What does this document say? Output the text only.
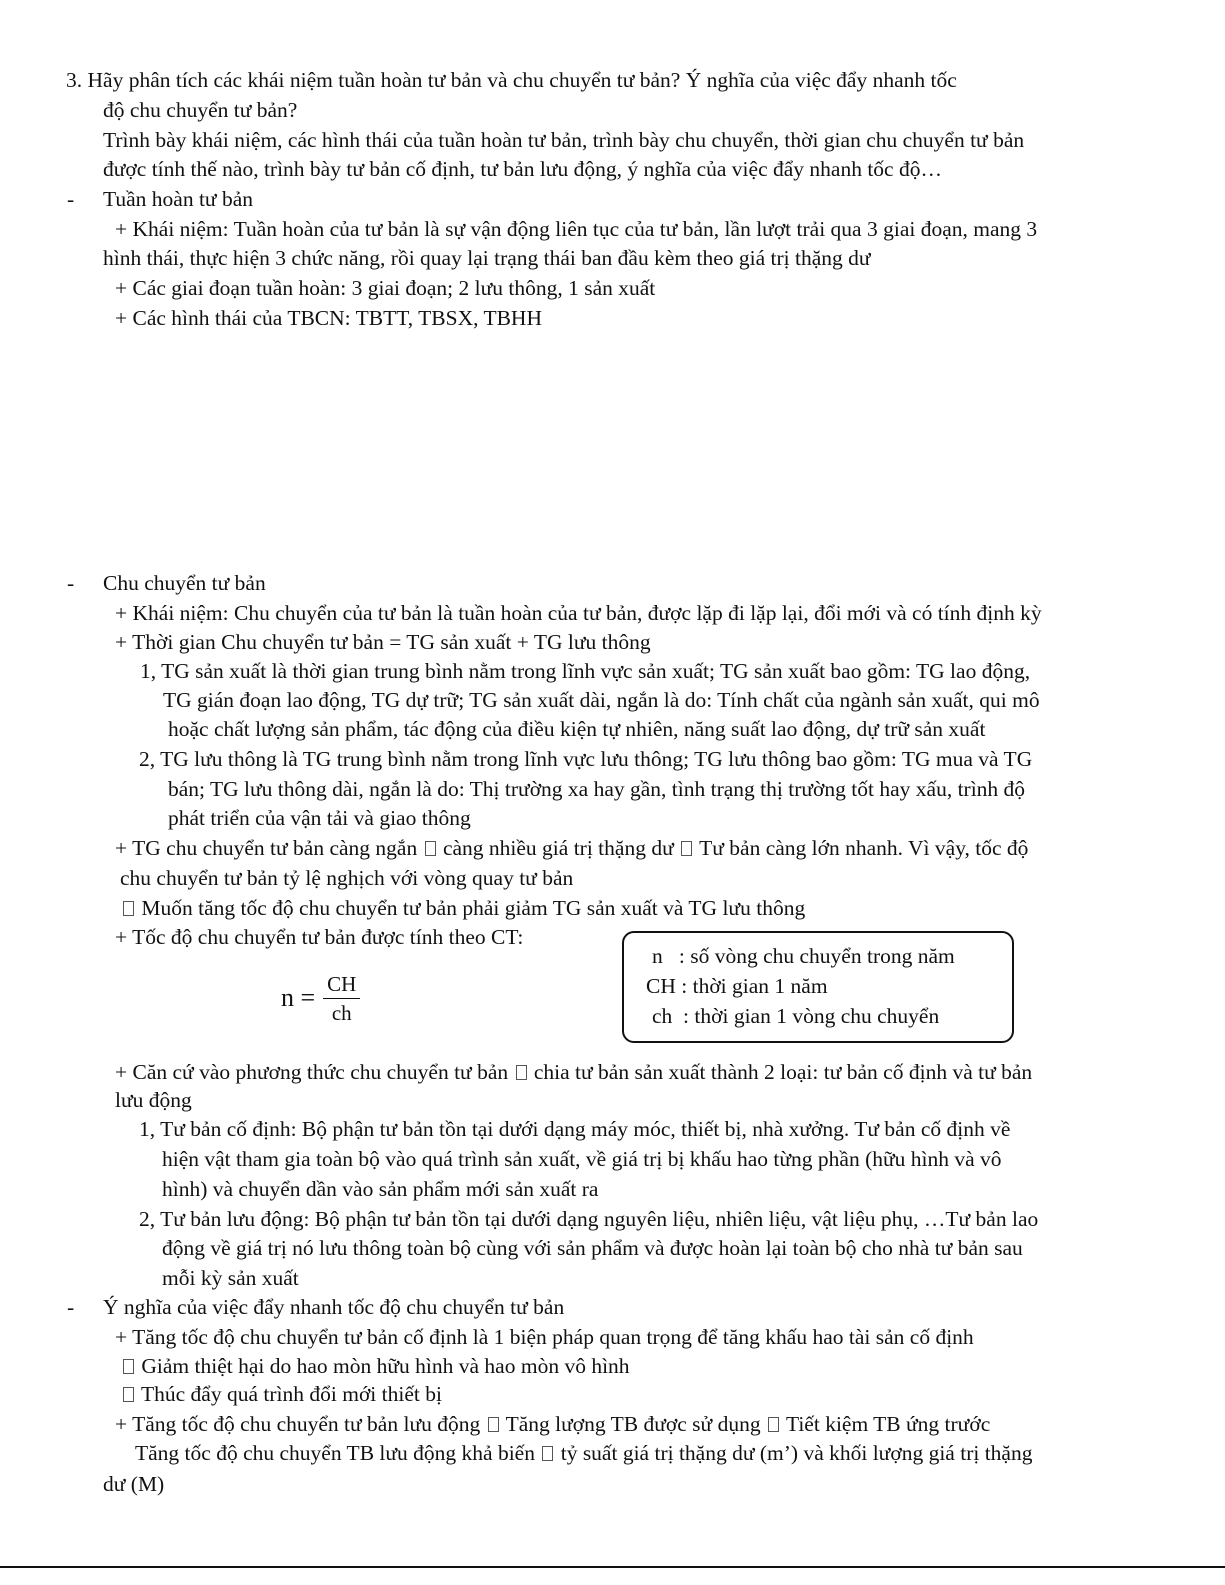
3. Hãy phân tích các khái niệm tuần hoàn tư bản và chu chuyển tư bản? Ý nghĩa của việc đẩy nhanh tốc
độ chu chuyển tư bản?
Trình bày khái niệm, các hình thái của tuần hoàn tư bản, trình bày chu chuyển, thời gian chu chuyển tư bản
được tính thế nào, trình bày tư bản cố định, tư bản lưu động, ý nghĩa của việc đẩy nhanh tốc độ…
- Tuần hoàn tư bản
+ Khái niệm: Tuần hoàn của tư bản là sự vận động liên tục của tư bản, lần lượt trải qua 3 giai đoạn, mang 3
hình thái, thực hiện 3 chức năng, rồi quay lại trạng thái ban đầu kèm theo giá trị thặng dư
+ Các giai đoạn tuần hoàn: 3 giai đoạn; 2 lưu thông, 1 sản xuất
+ Các hình thái của TBCN: TBTT, TBSX, TBHH
- Chu chuyển tư bản
+ Khái niệm: Chu chuyển của tư bản là tuần hoàn của tư bản, được lặp đi lặp lại, đổi mới và có tính định kỳ
+ Thời gian Chu chuyển tư bản = TG sản xuất + TG lưu thông
1, TG sản xuất là thời gian trung bình nằm trong lĩnh vực sản xuất; TG sản xuất bao gồm: TG lao động,
TG gián đoạn lao động, TG dự trữ; TG sản xuất dài, ngắn là do: Tính chất của ngành sản xuất, qui mô
hoặc chất lượng sản phẩm, tác động của điều kiện tự nhiên, năng suất lao động, dự trữ sản xuất
2, TG lưu thông là TG trung bình nằm trong lĩnh vực lưu thông; TG lưu thông bao gồm: TG mua và TG
bán; TG lưu thông dài, ngắn là do: Thị trường xa hay gần, tình trạng thị trường tốt hay xấu, trình độ
phát triển của vận tải và giao thông
+ TG chu chuyển tư bản càng ngắn càng nhiều giá trị thặng dư Tư bản càng lớn nhanh. Vì vậy, tốc độ
chu chuyển tư bản tỷ lệ nghịch với vòng quay tư bản
Muốn tăng tốc độ chu chuyển tư bản phải giảm TG sản xuất và TG lưu thông
+ Tốc độ chu chuyển tư bản được tính theo CT:
$n = \frac{CH}{ch}$
n   : số vòng chu chuyển trong năm
CH : thời gian 1 năm
ch  : thời gian 1 vòng chu chuyển
+ Căn cứ vào phương thức chu chuyển tư bản chia tư bản sản xuất thành 2 loại: tư bản cố định và tư bản
lưu động
1, Tư bản cố định: Bộ phận tư bản tồn tại dưới dạng máy móc, thiết bị, nhà xưởng. Tư bản cố định về
hiện vật tham gia toàn bộ vào quá trình sản xuất, về giá trị bị khấu hao từng phần (hữu hình và vô
hình) và chuyển dần vào sản phẩm mới sản xuất ra
2, Tư bản lưu động: Bộ phận tư bản tồn tại dưới dạng nguyên liệu, nhiên liệu, vật liệu phụ, …Tư bản lao
động về giá trị nó lưu thông toàn bộ cùng với sản phẩm và được hoàn lại toàn bộ cho nhà tư bản sau
mỗi kỳ sản xuất
- Ý nghĩa của việc đẩy nhanh tốc độ chu chuyển tư bản
+ Tăng tốc độ chu chuyển tư bản cố định là 1 biện pháp quan trọng để tăng khấu hao tài sản cố định
Giảm thiệt hại do hao mòn hữu hình và hao mòn vô hình
Thúc đẩy quá trình đổi mới thiết bị
+ Tăng tốc độ chu chuyển tư bản lưu động Tăng lượng TB được sử dụng Tiết kiệm TB ứng trước
Tăng tốc độ chu chuyển TB lưu động khả biến tỷ suất giá trị thặng dư (m’) và khối lượng giá trị thặng
dư (M)
